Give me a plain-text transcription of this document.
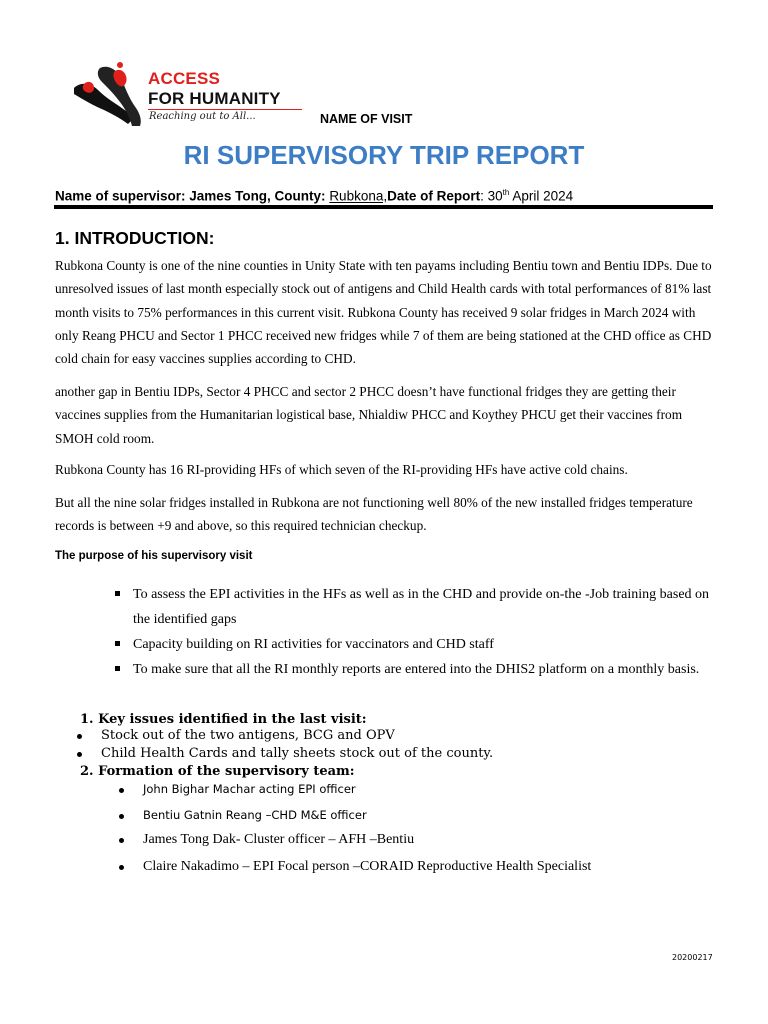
ACCESS
FOR HUMANITY
Reaching out to All...	NAME OF VISIT
RI SUPERVISORY TRIP REPORT
Name of supervisor: James Tong, County: Rubkona,Date of Report: 30th April 2024
1. INTRODUCTION:
Rubkona County is one of the nine counties in Unity State with ten payams including Bentiu town and Bentiu IDPs. Due to unresolved issues of last month especially stock out of antigens and Child Health cards with total performances of 81% last month visits to 75% performances in this current visit. Rubkona County has received 9 solar fridges in March 2024 with only Reang PHCU and Sector 1 PHCC received new fridges while 7 of them are being stationed at the CHD office as CHD cold chain for easy vaccines supplies according to CHD.
another gap in Bentiu IDPs, Sector 4 PHCC and sector 2 PHCC doesn’t have functional fridges they are getting their vaccines supplies from the Humanitarian logistical base, Nhialdiw PHCC and Koythey PHCU get their vaccines from SMOH cold room.
Rubkona County has 16 RI-providing HFs of which seven of the RI-providing HFs have active cold chains.
But all the nine solar fridges installed in Rubkona are not functioning well 80% of the new installed fridges temperature records is between +9 and above, so this required technician checkup.
The purpose of his supervisory visit
To assess the EPI activities in the HFs as well as in the CHD and provide on-the -Job training based on the identified gaps
Capacity building on RI activities for vaccinators and CHD staff
To make sure that all the RI monthly reports are entered into the DHIS2 platform on a monthly basis.
1. Key issues identified in the last visit:
Stock out of the two antigens, BCG and OPV
Child Health Cards and tally sheets stock out of the county.
2. Formation of the supervisory team:
John Bighar Machar acting EPI officer
Bentiu Gatnin Reang –CHD M&E officer
James Tong Dak- Cluster officer – AFH –Bentiu
Claire Nakadimo – EPI Focal person –CORAID Reproductive Health Specialist
20200217
